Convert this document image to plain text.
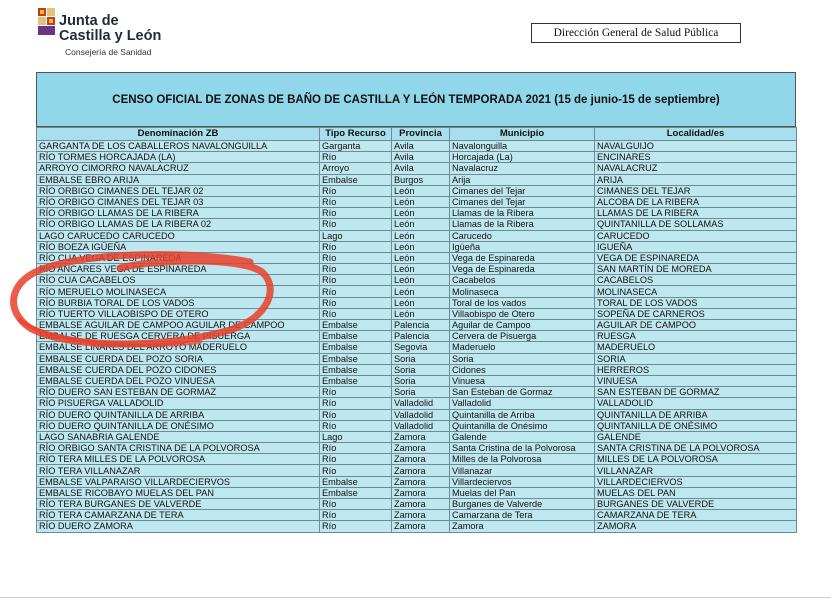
Junta de
Castilla y León
Consejería de Sanidad
Dirección General de Salud Pública
CENSO OFICIAL DE ZONAS DE BAÑO DE CASTILLA Y LEÓN TEMPORADA 2021 (15 de junio-15 de septiembre)
Denominación ZB	Tipo Recurso	Provincia	Municipio	Localidad/es
GARGANTA DE LOS CABALLEROS NAVALONGUILLA	Garganta	Avila	Navalonguilla	NAVALGUIJO
RÍO TORMES HORCAJADA (LA)	Río	Avila	Horcajada (La)	ENCINARES
ARROYO CIMORRO NAVALACRUZ	Arroyo	Avila	Navalacruz	NAVALACRUZ
EMBALSE EBRO ARIJA	Embalse	Burgos	Arija	ARIJA
RÍO ORBIGO CIMANES DEL TEJAR 02	Río	León	Cimanes del Tejar	CIMANES DEL TEJAR
RÍO ORBIGO CIMANES DEL TEJAR 03	Río	León	Cimanes del Tejar	ALCOBA DE LA RIBERA
RÍO ORBIGO LLAMAS DE LA RIBERA	Río	León	Llamas de la Ribera	LLAMAS DE LA RIBERA
RÍO ORBIGO LLAMAS DE LA RIBERA 02	Río	León	Llamas de la Ribera	QUINTANILLA DE SOLLAMAS
LAGO CARUCEDO CARUCEDO	Lago	León	Carucedo	CARUCEDO
RÍO BOEZA IGÜEÑA	Río	León	Igüeña	IGUEÑA
RÍO CUA VEGA DE ESPINAREDA	Río	León	Vega de Espinareda	VEGA DE ESPINAREDA
RÍO ANCARES VEGA DE ESPINAREDA	Río	León	Vega de Espinareda	SAN MARTÍN DE MOREDA
RÍO CUA CACABELOS	Río	León	Cacabelos	CACABELOS
RÍO MERUELO MOLINASECA	Río	León	Molinaseca	MOLINASECA
RÍO BURBIA TORAL DE LOS VADOS	Río	León	Toral de los vados	TORAL DE LOS VADOS
RÍO TUERTO VILLAOBISPO DE OTERO	Río	León	Villaobispo de Otero	SOPEÑA DE CARNEROS
EMBALSE AGUILAR DE CAMPOO AGUILAR DE CAMPOO	Embalse	Palencia	Aguilar de Campoo	AGUILAR DE CAMPOO
EMBALSE DE RUESGA CERVERA DE PISUERGA	Embalse	Palencia	Cervera de Pisuerga	RUESGA
EMBALSE LINARES DEL ARROYO MADERUELO	Embalse	Segovia	Maderuelo	MADERUELO
EMBALSE CUERDA DEL POZO SORIA	Embalse	Soria	Soria	SORIA
EMBALSE CUERDA DEL POZO CIDONES	Embalse	Soria	Cidones	HERREROS
EMBALSE CUERDA DEL POZO VINUESA	Embalse	Soria	Vinuesa	VINUESA
RÍO DUERO SAN ESTEBAN DE GORMAZ	Río	Soria	San Esteban de Gormaz	SAN ESTEBAN DE GORMAZ
RÍO PISUERGA VALLADOLID	Río	Valladolid	Valladolid	VALLADOLID
RÍO DUERO QUINTANILLA DE ARRIBA	Río	Valladolid	Quintanilla de Arriba	QUINTANILLA DE ARRIBA
RÍO DUERO QUINTANILLA DE ONÉSIMO	Río	Valladolid	Quintanilla de Onésimo	QUINTANILLA DE ONÉSIMO
LAGO SANABRIA GALENDE	Lago	Zamora	Galende	GALENDE
RÍO ORBIGO SANTA CRISTINA DE LA POLVOROSA	Río	Zamora	Santa Cristina de la Polvorosa	SANTA CRISTINA DE LA POLVOROSA
RÍO TERA MILLES DE LA POLVOROSA	Río	Zamora	Milles de la Polvorosa	MILLES DE LA POLVOROSA
RÍO TERA VILLANAZAR	Río	Zamora	Villanazar	VILLANAZAR
EMBALSE VALPARAISO VILLARDECIERVOS	Embalse	Zamora	Villardeciervos	VILLARDECIERVOS
EMBALSE RICOBAYO MUELAS DEL PAN	Embalse	Zamora	Muelas del Pan	MUELAS DEL PAN
RÍO TERA BURGANES DE VALVERDE	Río	Zamora	Burganes de Valverde	BURGANES DE VALVERDE
RÍO TERA CAMARZANA DE TERA	Río	Zamora	Camarzana de Tera	CAMARZANA DE TERA
RÍO DUERO ZAMORA	Río	Zamora	Zamora	ZAMORA
